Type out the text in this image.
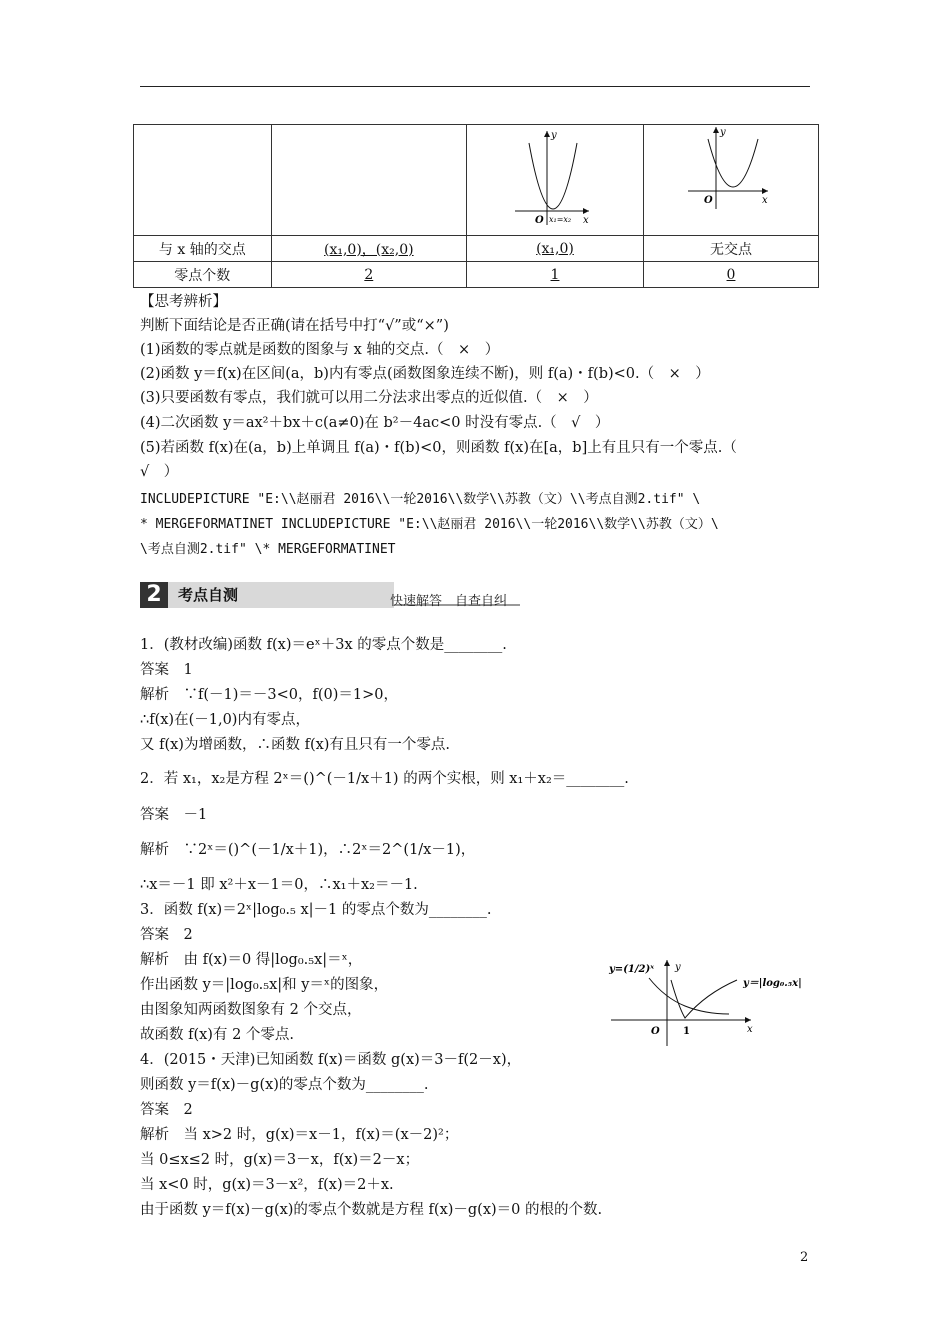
y
O x₁=x₂ x	y
O x

与 x 轴的交点	(x₁,0)，(x₂,0)	(x₁,0)	无交点
零点个数	2	1	0
【思考辨析】
判断下面结论是否正确(请在括号中打“√”或“×”)
(1)函数的零点就是函数的图象与 x 轴的交点.（　×　）
(2)函数 y＝f(x)在区间(a，b)内有零点(函数图象连续不断)，则 f(a)・f(b)<0.（　×　）
(3)只要函数有零点，我们就可以用二分法求出零点的近似值.（　×　）
(4)二次函数 y＝ax²＋bx＋c(a≠0)在 b²－4ac<0 时没有零点.（　√　）
(5)若函数 f(x)在(a，b)上单调且 f(a)・f(b)<0，则函数 f(x)在[a，b]上有且只有一个零点.（
√　）
INCLUDEPICTURE "E:\\赵丽君 2016\\一轮2016\\数学\\苏教（文）\\考点自测2.tif" \
* MERGEFORMATINET INCLUDEPICTURE "E:\\赵丽君 2016\\一轮2016\\数学\\苏教（文）\
\考点自测2.tif" \* MERGEFORMATINET
2	考点自测	快速解答　自查自纠
1．(教材改编)函数 f(x)＝eˣ＋3x 的零点个数是________.
答案　1
解析　∵f(－1)＝－3<0，f(0)＝1>0，
∴f(x)在(－1,0)内有零点，
又 f(x)为增函数，∴函数 f(x)有且只有一个零点.
2．若 x₁，x₂是方程 2ˣ＝()^(－1/x＋1) 的两个实根，则 x₁＋x₂＝________.
答案　－1
解析　∵2ˣ＝()^(－1/x＋1)，∴2ˣ＝2^(1/x－1)，
∴x＝－1 即 x²＋x－1＝0，∴x₁＋x₂＝－1.
3．函数 f(x)＝2ˣ|log₀.₅ x|－1 的零点个数为________.
答案　2
解析　由 f(x)＝0 得|log₀.₅x|＝ˣ，
作出函数 y＝|log₀.₅x|和 y＝ˣ的图象，
由图象知两函数图象有 2 个交点，
故函数 f(x)有 2 个零点.
y=(1/2)ˣ y
y＝|log₀.₅x|
O 1	x
4．(2015・天津)已知函数 f(x)＝函数 g(x)＝3－f(2－x)，
则函数 y＝f(x)－g(x)的零点个数为________.
答案　2
解析　当 x>2 时，g(x)＝x－1，f(x)＝(x－2)²；
当 0≤x≤2 时，g(x)＝3－x，f(x)＝2－x；
当 x<0 时，g(x)＝3－x²，f(x)＝2＋x.
由于函数 y＝f(x)－g(x)的零点个数就是方程 f(x)－g(x)＝0 的根的个数.
2
